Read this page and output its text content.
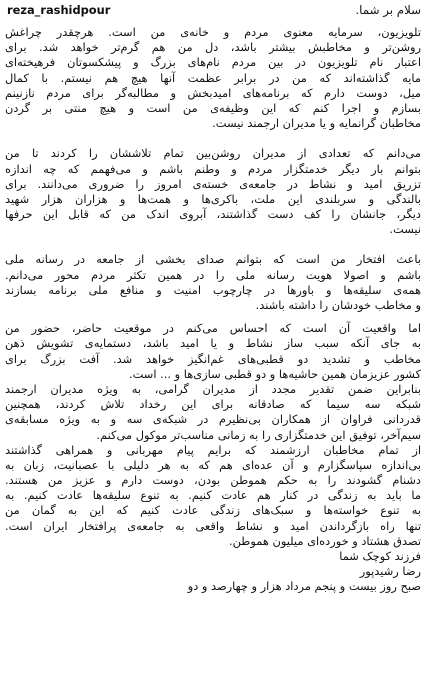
reza_rashidpour	سلام بر شما.
تلویزیون، سرمایه معنوی مردم و خانه‌ی من است. هرچقدر چراغش
روشن‌تر و مخاطبش بیشتر باشد، دل من هم گرم‌تر خواهد شد. برای
اعتبار نام تلویزیون در بین مردم نام‌های بزرگ و پیشکسوتان فرهیخته‌ای
مایه گذاشته‌اند که من در برابر عظمت آنها هیچ هم نیستم. با کمال
میل، دوست دارم که برنامه‌های امیدبخش و مطالبه‌گر برای مردم نازنینم
بسازم و اجرا کنم که این وظیفه‌ی من است و هیچ منتی بر گردن
مخاطبان گرانمایه و یا مدیران ارجمند نیست.
می‌دانم که تعدادی از مدیران روشن‌بین تمام تلاششان را کردند تا من
بتوانم بار دیگر خدمتگزار مردم و وطنم باشم و می‌فهمم که چه اندازه
تزریق امید و نشاط در جامعه‌ی خسته‌ی امروز را ضروری می‌دانند. برای
بالندگی و سربلندی این ملت، باکری‌ها و همت‌ها و هزاران هزار شهید
دیگر، جانشان را کف دست گذاشتند، آبروی اندک من که قابل این حرفها
نیست.
باعث افتخار من است که بتوانم صدای بخشی از جامعه در رسانه ملی
باشم و اصولا هویت رسانه ملی را در همین تکثر مردم محور می‌دانم.
همه‌ی سلیقه‌ها و باورها در چارچوب امنیت و منافع ملی برنامه بسازند
و مخاطب خودشان را داشته باشند.
اما واقعیت آن است که احساس می‌کنم در موقعیت حاضر، حضور من
به جای آنکه سبب ساز نشاط و یا امید باشد، دستمایه‌ی تشویش ذهن
مخاطب و تشدید دو قطبی‌های غم‌انگیز خواهد شد. آفت بزرگ برای
کشور عزیزمان همین حاشیه‌ها و دو قطبی سازی‌ها و ... است.
بنابراین ضمن تقدیر مجدد از مدیران گرامی، به ویژه مدیران ارجمند
شبکه سه سیما که صادقانه برای این رخداد تلاش کردند، همچنین
قدردانی فراوان از همکاران بی‌نظیرم در شبکه‌ی سه و به ویژه مسابقه‌ی
سیم‌آخر، توفیق این خدمتگزاری را به زمانی مناسب‌تر موکول می‌کنم.
از تمام مخاطبان ارزشمند که برایم پیام مهربانی و همراهی گذاشتند
بی‌اندازه سپاسگزارم و آن عده‌ای هم که به هر دلیلی با عصبانیت، زبان به
دشنام گشودند را به حکم هموطن بودن، دوست دارم و عزیز من هستند.
ما باید به زندگی در کنار هم عادت کنیم. به تنوع سلیقه‌ها عادت کنیم. به
به تنوع خواسته‌ها و سبک‌های زندگی عادت کنیم که این به گمان من
تنها راه بازگرداندن امید و نشاط واقعی به جامعه‌ی پرافتخار ایران است.
تصدق هشتاد و خورده‌ای میلیون هموطن.
فرزند کوچک شما
رضا رشیدپور
صبح روز بیست و پنجم مرداد هزار و چهارصد و دو
